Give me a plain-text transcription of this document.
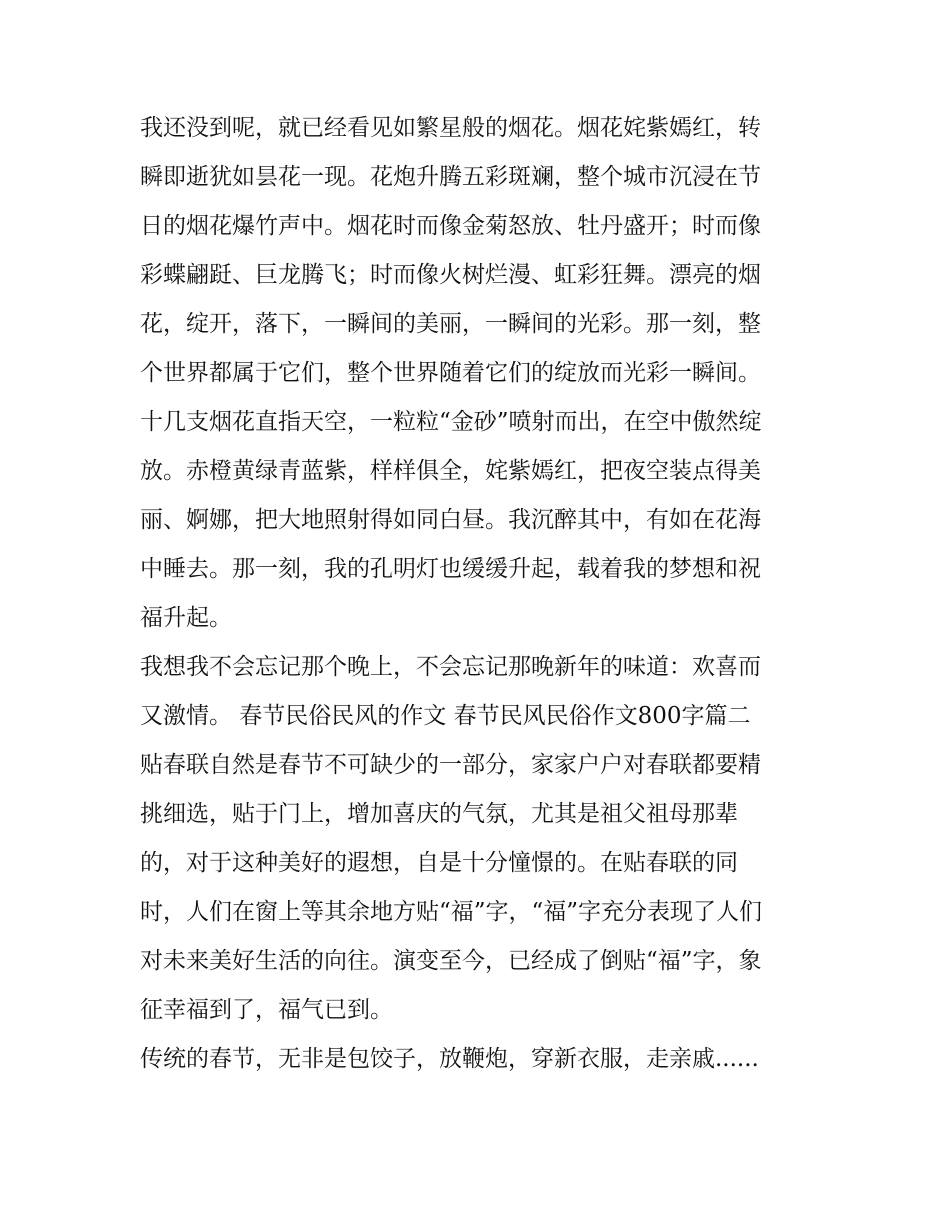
我还没到呢，就已经看见如繁星般的烟花。烟花姹紫嫣红，转
瞬即逝犹如昙花一现。花炮升腾五彩斑斓，整个城市沉浸在节
日的烟花爆竹声中。烟花时而像金菊怒放、牡丹盛开；时而像
彩蝶翩跹、巨龙腾飞；时而像火树烂漫、虹彩狂舞。漂亮的烟
花，绽开，落下，一瞬间的美丽，一瞬间的光彩。那一刻，整
个世界都属于它们，整个世界随着它们的绽放而光彩一瞬间。
十几支烟花直指天空，一粒粒“金砂”喷射而出，在空中傲然绽
放。赤橙黄绿青蓝紫，样样俱全，姹紫嫣红，把夜空装点得美
丽、婀娜，把大地照射得如同白昼。我沉醉其中，有如在花海
中睡去。那一刻，我的孔明灯也缓缓升起，载着我的梦想和祝
福升起。
我想我不会忘记那个晚上，不会忘记那晚新年的味道：欢喜而
又激情。 春节民俗民风的作文 春节民风民俗作文800字篇二
贴春联自然是春节不可缺少的一部分，家家户户对春联都要精
挑细选，贴于门上，增加喜庆的气氛，尤其是祖父祖母那辈
的，对于这种美好的遐想，自是十分憧憬的。在贴春联的同
时，人们在窗上等其余地方贴“福”字，“福”字充分表现了人们
对未来美好生活的向往。演变至今，已经成了倒贴“福”字，象
征幸福到了，福气已到。
传统的春节，无非是包饺子，放鞭炮，穿新衣服，走亲戚......
